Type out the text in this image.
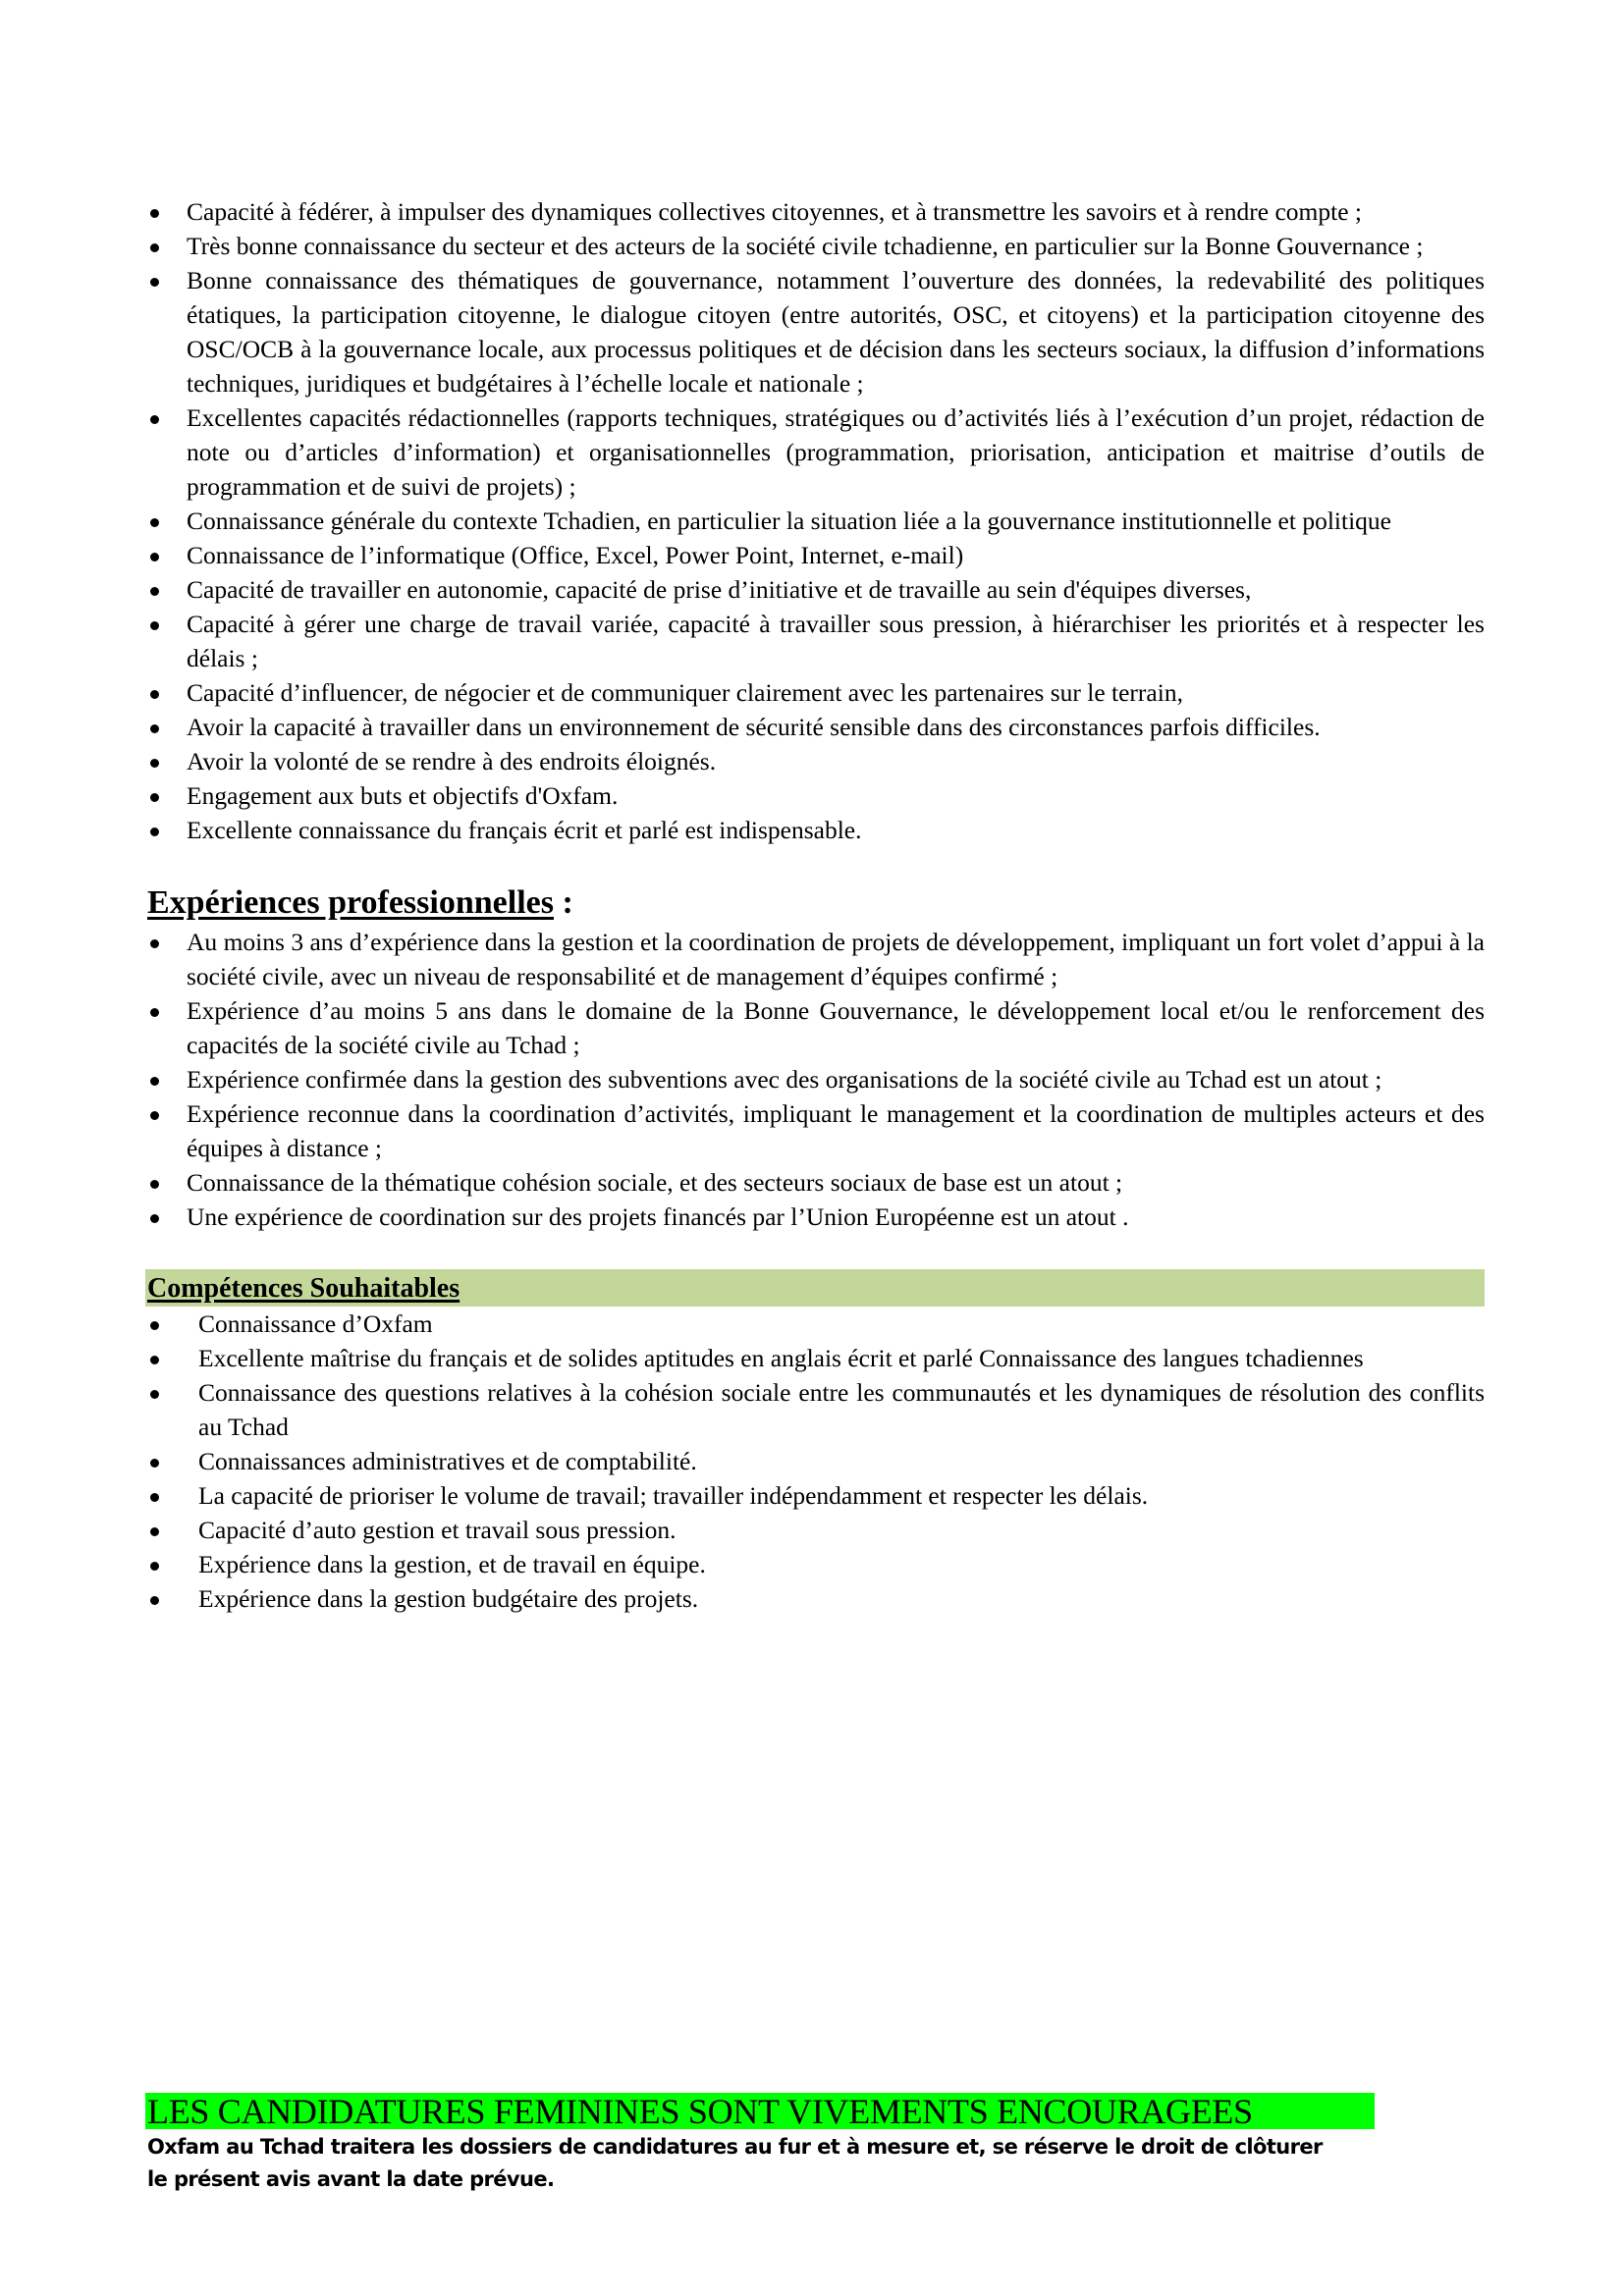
Capacité à fédérer, à impulser des dynamiques collectives citoyennes, et à transmettre les savoirs et à rendre compte ;
Très bonne connaissance du secteur et des acteurs de la société civile tchadienne, en particulier sur la Bonne Gouvernance ;
Bonne connaissance des thématiques de gouvernance, notamment l’ouverture des données, la redevabilité des politiques étatiques, la participation citoyenne, le dialogue citoyen (entre autorités, OSC, et citoyens) et la participation citoyenne des OSC/OCB à la gouvernance locale, aux processus politiques et de décision dans les secteurs sociaux, la diffusion d’informations techniques, juridiques et budgétaires à l’échelle locale et nationale ;
Excellentes capacités rédactionnelles (rapports techniques, stratégiques ou d’activités liés à l’exécution d’un projet, rédaction de note ou d’articles d’information) et organisationnelles (programmation, priorisation, anticipation et maitrise d’outils de programmation et de suivi de projets) ;
Connaissance générale du contexte Tchadien, en particulier la situation liée a la gouvernance institutionnelle et politique
Connaissance de l’informatique (Office, Excel, Power Point, Internet, e-mail)
Capacité de travailler en autonomie, capacité de prise d’initiative et de travaille au sein d'équipes diverses,
Capacité à gérer une charge de travail variée, capacité à travailler sous pression, à hiérarchiser les priorités et à respecter les délais ;
Capacité d’influencer, de négocier et de communiquer clairement avec les partenaires sur le terrain,
Avoir la capacité à travailler dans un environnement de sécurité sensible dans des circonstances parfois difficiles.
Avoir la volonté de se rendre à des endroits éloignés.
Engagement aux buts et objectifs d'Oxfam.
Excellente connaissance du français écrit et parlé est indispensable.
Expériences professionnelles :
Au moins 3 ans d’expérience dans la gestion et la coordination de projets de développement, impliquant un fort volet d’appui à la société civile, avec un niveau de responsabilité et de management d’équipes confirmé ;
Expérience d’au moins 5 ans dans le domaine de la Bonne Gouvernance, le développement local et/ou le renforcement des capacités de la société civile au Tchad ;
Expérience confirmée dans la gestion des subventions avec des organisations de la société civile au Tchad est un atout ;
Expérience reconnue dans la coordination d’activités, impliquant le management et la coordination de multiples acteurs et des équipes à distance ;
Connaissance de la thématique cohésion sociale, et des secteurs sociaux de base est un atout ;
Une expérience de coordination sur des projets financés par l’Union Européenne est un atout .
Compétences Souhaitables
Connaissance d’Oxfam
Excellente maîtrise du français et de solides aptitudes en anglais écrit et parlé Connaissance des langues tchadiennes
Connaissance des questions relatives à la cohésion sociale entre les communautés et les dynamiques de résolution des conflits au Tchad
Connaissances administratives et de comptabilité.
La capacité de prioriser le volume de travail; travailler indépendamment et respecter les délais.
Capacité d’auto gestion et travail sous pression.
Expérience dans la gestion, et de travail en équipe.
Expérience dans la gestion budgétaire des projets.
LES CANDIDATURES FEMININES SONT VIVEMENTS ENCOURAGEES
Oxfam au Tchad traitera les dossiers de candidatures au fur et à mesure et, se réserve le droit de clôturer
le présent avis avant la date prévue.
